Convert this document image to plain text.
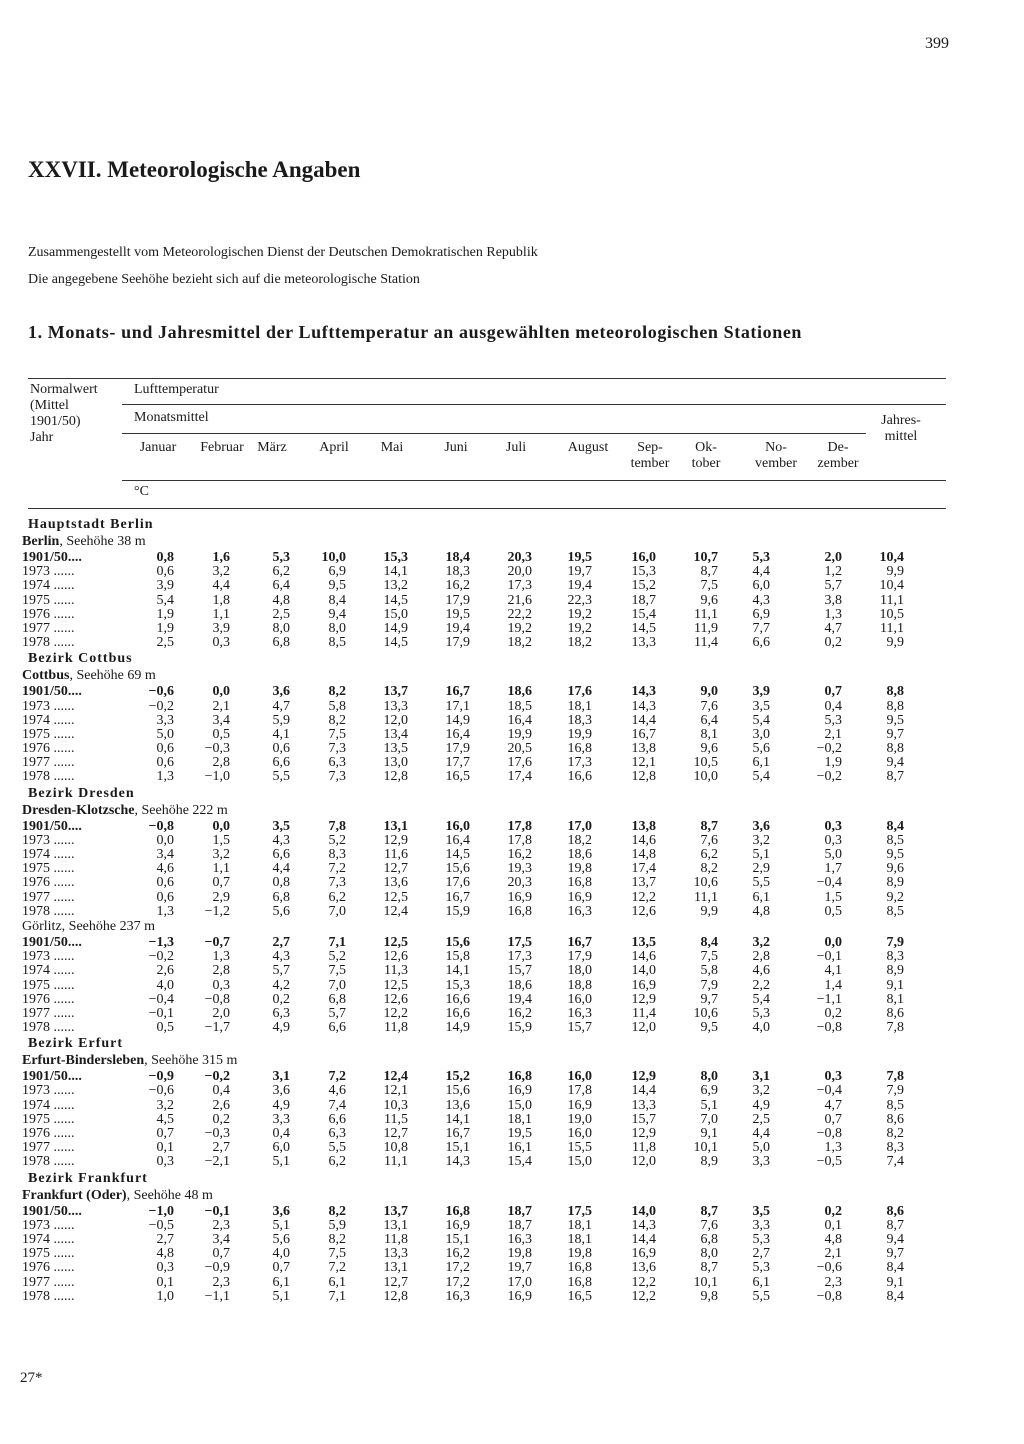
399
XXVII. Meteorologische Angaben
Zusammengestellt vom Meteorologischen Dienst der Deutschen Demokratischen Republik
Die angegebene Seehöhe bezieht sich auf die meteorologische Station
1. Monats- und Jahresmittel der Lufttemperatur an ausgewählten meteorologischen Stationen
Normalwert
(Mittel
1901/50)
Jahr
Lufttemperatur
Monatsmittel	Jahres-
mittel
Januar	Februar März	April	Mai	Juni	Juli	August	Sep-
tember
Ok-
tober
No-
vember
De-
zember
°C
Hauptstadt Berlin
Berlin, Seehöhe 38 m
1901/50....	0,8	1,6	5,3	10,0	15,3	18,4	20,3	19,5	16,0	10,7	5,3	2,0	10,4
1973 ......	0,6	3,2	6,2	6,9	14,1	18,3	20,0	19,7	15,3	8,7	4,4	1,2	9,9
1974 ......	3,9	4,4	6,4	9,5	13,2	16,2	17,3	19,4	15,2	7,5	6,0	5,7	10,4
1975 ......	5,4	1,8	4,8	8,4	14,5	17,9	21,6	22,3	18,7	9,6	4,3	3,8	11,1
1976 ......	1,9	1,1	2,5	9,4	15,0	19,5	22,2	19,2	15,4	11,1	6,9	1,3	10,5
1977 ......	1,9	3,9	8,0	8,0	14,9	19,4	19,2	19,2	14,5	11,9	7,7	4,7	11,1
1978 ......	2,5	0,3	6,8	8,5	14,5	17,9	18,2	18,2	13,3	11,4	6,6	0,2	9,9
Bezirk Cottbus
Cottbus, Seehöhe 69 m
1901/50....	−0,6	0,0	3,6	8,2	13,7	16,7	18,6	17,6	14,3	9,0	3,9	0,7	8,8
1973 ......	−0,2	2,1	4,7	5,8	13,3	17,1	18,5	18,1	14,3	7,6	3,5	0,4	8,8
1974 ......	3,3	3,4	5,9	8,2	12,0	14,9	16,4	18,3	14,4	6,4	5,4	5,3	9,5
1975 ......	5,0	0,5	4,1	7,5	13,4	16,4	19,9	19,9	16,7	8,1	3,0	2,1	9,7
1976 ......	0,6	−0,3	0,6	7,3	13,5	17,9	20,5	16,8	13,8	9,6	5,6	−0,2	8,8
1977 ......	0,6	2,8	6,6	6,3	13,0	17,7	17,6	17,3	12,1	10,5	6,1	1,9	9,4
1978 ......	1,3	−1,0	5,5	7,3	12,8	16,5	17,4	16,6	12,8	10,0	5,4	−0,2	8,7
Bezirk Dresden
Dresden-Klotzsche, Seehöhe 222 m
1901/50....	−0,8	0,0	3,5	7,8	13,1	16,0	17,8	17,0	13,8	8,7	3,6	0,3	8,4
1973 ......	0,0	1,5	4,3	5,2	12,9	16,4	17,8	18,2	14,6	7,6	3,2	0,3	8,5
1974 ......	3,4	3,2	6,6	8,3	11,6	14,5	16,2	18,6	14,8	6,2	5,1	5,0	9,5
1975 ......	4,6	1,1	4,4	7,2	12,7	15,6	19,3	19,8	17,4	8,2	2,9	1,7	9,6
1976 ......	0,6	0,7	0,8	7,3	13,6	17,6	20,3	16,8	13,7	10,6	5,5	−0,4	8,9
1977 ......	0,6	2,9	6,8	6,2	12,5	16,7	16,9	16,9	12,2	11,1	6,1	1,5	9,2
1978 ......	1,3	−1,2	5,6	7,0	12,4	15,9	16,8	16,3	12,6	9,9	4,8	0,5	8,5
Görlitz, Seehöhe 237 m
1901/50....	−1,3	−0,7	2,7	7,1	12,5	15,6	17,5	16,7	13,5	8,4	3,2	0,0	7,9
1973 ......	−0,2	1,3	4,3	5,2	12,6	15,8	17,3	17,9	14,6	7,5	2,8	−0,1	8,3
1974 ......	2,6	2,8	5,7	7,5	11,3	14,1	15,7	18,0	14,0	5,8	4,6	4,1	8,9
1975 ......	4,0	0,3	4,2	7,0	12,5	15,3	18,6	18,8	16,9	7,9	2,2	1,4	9,1
1976 ......	−0,4	−0,8	0,2	6,8	12,6	16,6	19,4	16,0	12,9	9,7	5,4	−1,1	8,1
1977 ......	−0,1	2,0	6,3	5,7	12,2	16,6	16,2	16,3	11,4	10,6	5,3	0,2	8,6
1978 ......	0,5	−1,7	4,9	6,6	11,8	14,9	15,9	15,7	12,0	9,5	4,0	−0,8	7,8
Bezirk Erfurt
Erfurt-Bindersleben, Seehöhe 315 m
1901/50....	−0,9	−0,2	3,1	7,2	12,4	15,2	16,8	16,0	12,9	8,0	3,1	0,3	7,8
1973 ......	−0,6	0,4	3,6	4,6	12,1	15,6	16,9	17,8	14,4	6,9	3,2	−0,4	7,9
1974 ......	3,2	2,6	4,9	7,4	10,3	13,6	15,0	16,9	13,3	5,1	4,9	4,7	8,5
1975 ......	4,5	0,2	3,3	6,6	11,5	14,1	18,1	19,0	15,7	7,0	2,5	0,7	8,6
1976 ......	0,7	−0,3	0,4	6,3	12,7	16,7	19,5	16,0	12,9	9,1	4,4	−0,8	8,2
1977 ......	0,1	2,7	6,0	5,5	10,8	15,1	16,1	15,5	11,8	10,1	5,0	1,3	8,3
1978 ......	0,3	−2,1	5,1	6,2	11,1	14,3	15,4	15,0	12,0	8,9	3,3	−0,5	7,4
Bezirk Frankfurt
Frankfurt (Oder), Seehöhe 48 m
1901/50....	−1,0	−0,1	3,6	8,2	13,7	16,8	18,7	17,5	14,0	8,7	3,5	0,2	8,6
1973 ......	−0,5	2,3	5,1	5,9	13,1	16,9	18,7	18,1	14,3	7,6	3,3	0,1	8,7
1974 ......	2,7	3,4	5,6	8,2	11,8	15,1	16,3	18,1	14,4	6,8	5,3	4,8	9,4
1975 ......	4,8	0,7	4,0	7,5	13,3	16,2	19,8	19,8	16,9	8,0	2,7	2,1	9,7
1976 ......	0,3	−0,9	0,7	7,2	13,1	17,2	19,7	16,8	13,6	8,7	5,3	−0,6	8,4
1977 ......	0,1	2,3	6,1	6,1	12,7	17,2	17,0	16,8	12,2	10,1	6,1	2,3	9,1
1978 ......	1,0	−1,1	5,1	7,1	12,8	16,3	16,9	16,5	12,2	9,8	5,5	−0,8	8,4
27*
